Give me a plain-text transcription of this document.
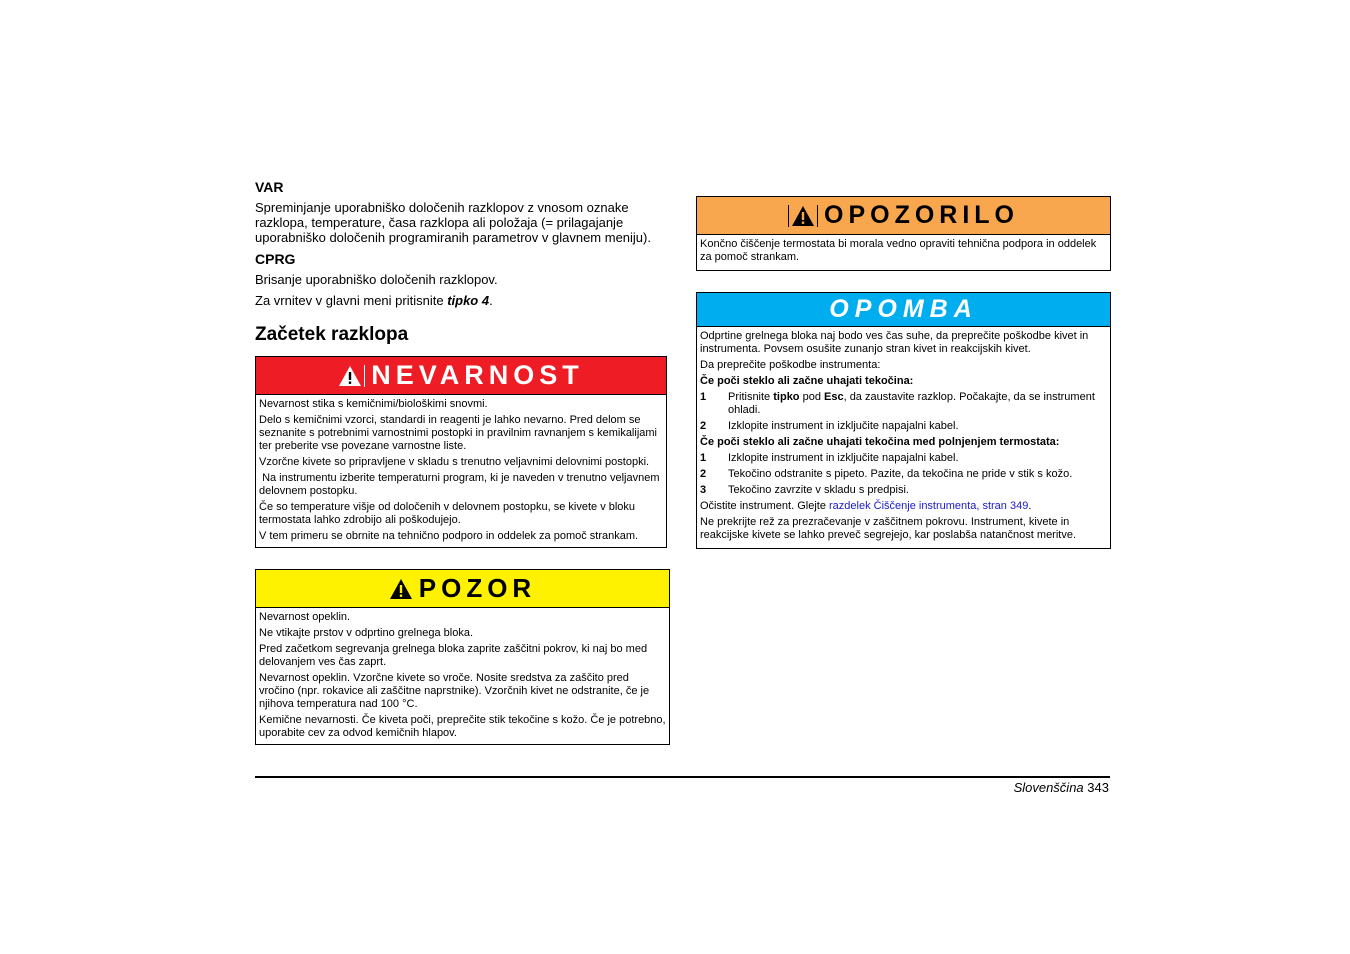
VAR

Spreminjanje uporabniško določenih razklopov z vnosom oznake razklopa, temperature, časa razklopa ali položaja (= prilagajanje uporabniško določenih programiranih parametrov v glavnem meniju).

CPRG

Brisanje uporabniško določenih razklopov.

Za vrnitev v glavni meni pritisnite tipko 4.

Začetek razklopa
NEVARNOST

Nevarnost stika s kemičnimi/biološkimi snovmi.

Delo s kemičnimi vzorci, standardi in reagenti je lahko nevarno. Pred delom se seznanite s potrebnimi varnostnimi postopki in pravilnim ravnanjem s kemikalijami ter preberite vse povezane varnostne liste.

Vzorčne kivete so pripravljene v skladu s trenutno veljavnimi delovnimi postopki.

Na instrumentu izberite temperaturni program, ki je naveden v trenutno veljavnem delovnem postopku.

Če so temperature višje od določenih v delovnem postopku, se kivete v bloku termostata lahko zdrobijo ali poškodujejo.

V tem primeru se obrnite na tehnično podporo in oddelek za pomoč strankam.

POZOR

Nevarnost opeklin.

Ne vtikajte prstov v odprtino grelnega bloka.

Pred začetkom segrevanja grelnega bloka zaprite zaščitni pokrov, ki naj bo med delovanjem ves čas zaprt.

Nevarnost opeklin. Vzorčne kivete so vroče. Nosite sredstva za zaščito pred vročino (npr. rokavice ali zaščitne naprstnike). Vzorčnih kivet ne odstranite, če je njihova temperatura nad 100 °C.

Kemične nevarnosti. Če kiveta poči, preprečite stik tekočine s kožo. Če je potrebno, uporabite cev za odvod kemičnih hlapov.

OPOZORILO

Končno čiščenje termostata bi morala vedno opraviti tehnična podpora in oddelek za pomoč strankam.

OPOMBA

Odprtine grelnega bloka naj bodo ves čas suhe, da preprečite poškodbe kivet in instrumenta. Povsem osušite zunanjo stran kivet in reakcijskih kivet.

Da preprečite poškodbe instrumenta:

Če poči steklo ali začne uhajati tekočina:

1	Pritisnite tipko pod Esc, da zaustavite razklop. Počakajte, da se instrument ohladi.
2	Izklopite instrument in izključite napajalni kabel.

Če poči steklo ali začne uhajati tekočina med polnjenjem termostata:

1	Izklopite instrument in izključite napajalni kabel.
2	Tekočino odstranite s pipeto. Pazite, da tekočina ne pride v stik s kožo.
3	Tekočino zavrzite v skladu s predpisi.

Očistite instrument. Glejte razdelek Čiščenje instrumenta, stran 349.

Ne prekrijte rež za prezračevanje v zaščitnem pokrovu. Instrument, kivete in reakcijske kivete se lahko preveč segrejejo, kar poslabša natančnost meritve.

Slovenščina 343
